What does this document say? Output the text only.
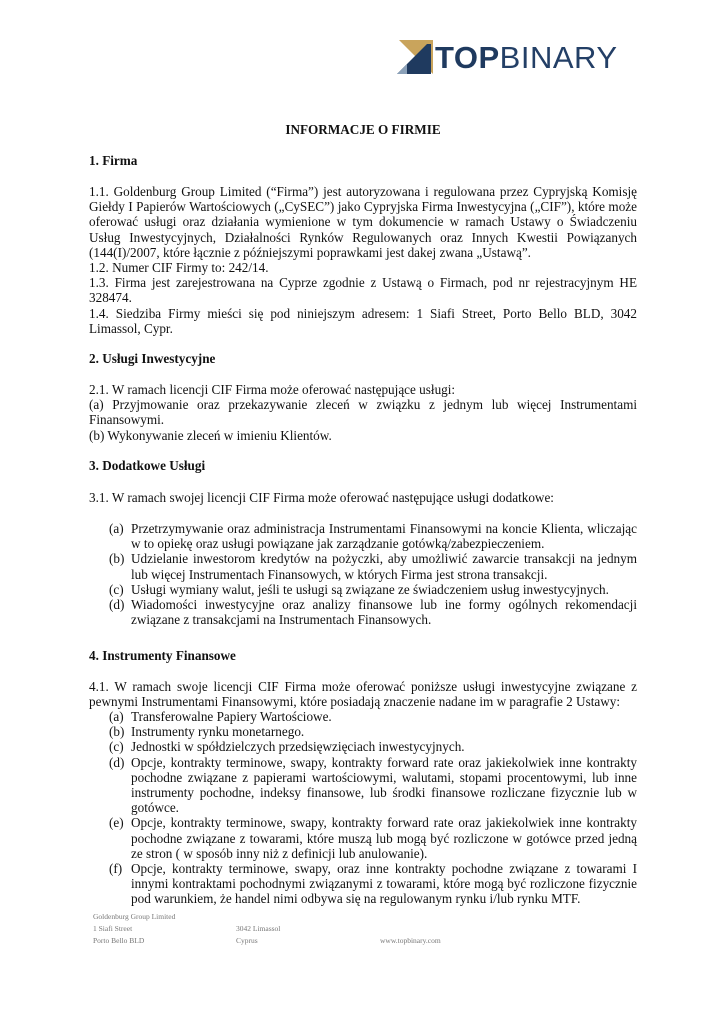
TOPBINARY
INFORMACJE O FIRMIE
1. Firma
1.1. Goldenburg Group Limited (“Firma”) jest autoryzowana i regulowana przez Cypryjską Komisję Giełdy I Papierów Wartościowych („CySEC”) jako Cypryjska Firma Inwestycyjna („CIF”), które może oferować usługi oraz działania wymienione w tym dokumencie w ramach Ustawy o Świadczeniu Usług Inwestycyjnych, Działalności Rynków Regulowanych oraz Innych Kwestii Powiązanych (144(I)/2007, które łącznie z późniejszymi poprawkami jest dakej zwana „Ustawą”.
1.2. Numer CIF Firmy to: 242/14.
1.3. Firma jest zarejestrowana na Cyprze zgodnie z Ustawą o Firmach, pod nr rejestracyjnym HE 328474.
1.4. Siedziba Firmy mieści się pod niniejszym adresem: 1 Siafi Street, Porto Bello BLD, 3042 Limassol, Cypr.
2. Usługi Inwestycyjne
2.1. W ramach licencji CIF Firma może oferować następujące usługi:
(a) Przyjmowanie oraz przekazywanie zleceń w związku z jednym lub więcej Instrumentami Finansowymi.
(b) Wykonywanie zleceń w imieniu Klientów.
3. Dodatkowe Usługi
3.1. W ramach swojej licencji CIF Firma może oferować następujące usługi dodatkowe:
(a) Przetrzymywanie oraz administracja Instrumentami Finansowymi na koncie Klienta, wliczając w to opiekę oraz usługi powiązane jak zarządzanie gotówką/zabezpieczeniem.
(b) Udzielanie inwestorom kredytów na pożyczki, aby umożliwić zawarcie transakcji na jednym lub więcej Instrumentach Finansowych, w których Firma jest strona transakcji.
(c) Usługi wymiany walut, jeśli te usługi są związane ze świadczeniem usług inwestycyjnych.
(d) Wiadomości inwestycyjne oraz analizy finansowe lub ine formy ogólnych rekomendacji związane z transakcjami na Instrumentach Finansowych.
4. Instrumenty Finansowe
4.1. W ramach swoje licencji CIF Firma może oferować poniższe usługi inwestycyjne związane z pewnymi Instrumentami Finansowymi, które posiadają znaczenie nadane im w paragrafie 2 Ustawy:
(a) Transferowalne Papiery Wartościowe.
(b) Instrumenty rynku monetarnego.
(c) Jednostki w spółdzielczych przedsięwzięciach inwestycyjnych.
(d) Opcje, kontrakty terminowe, swapy, kontrakty forward rate oraz jakiekolwiek inne kontrakty pochodne związane z papierami wartościowymi, walutami, stopami procentowymi, lub inne instrumenty pochodne, indeksy finansowe, lub środki finansowe rozliczane fizycznie lub w gotówce.
(e) Opcje, kontrakty terminowe, swapy, kontrakty forward rate oraz jakiekolwiek inne kontrakty pochodne związane z towarami, które muszą lub mogą być rozliczone w gotówce przed jedną ze stron ( w sposób inny niż z definicji lub anulowanie).
(f) Opcje, kontrakty terminowe, swapy, oraz inne kontrakty pochodne związane z towarami I innymi kontraktami pochodnymi związanymi z towarami, które mogą być rozliczone fizycznie pod warunkiem, że handel nimi odbywa się na regulowanym rynku i/lub rynku MTF.
Goldenburg Group Limited
1 Siafi Street	3042 Limassol
Porto Bello BLD	Cyprus	www.topbinary.com
